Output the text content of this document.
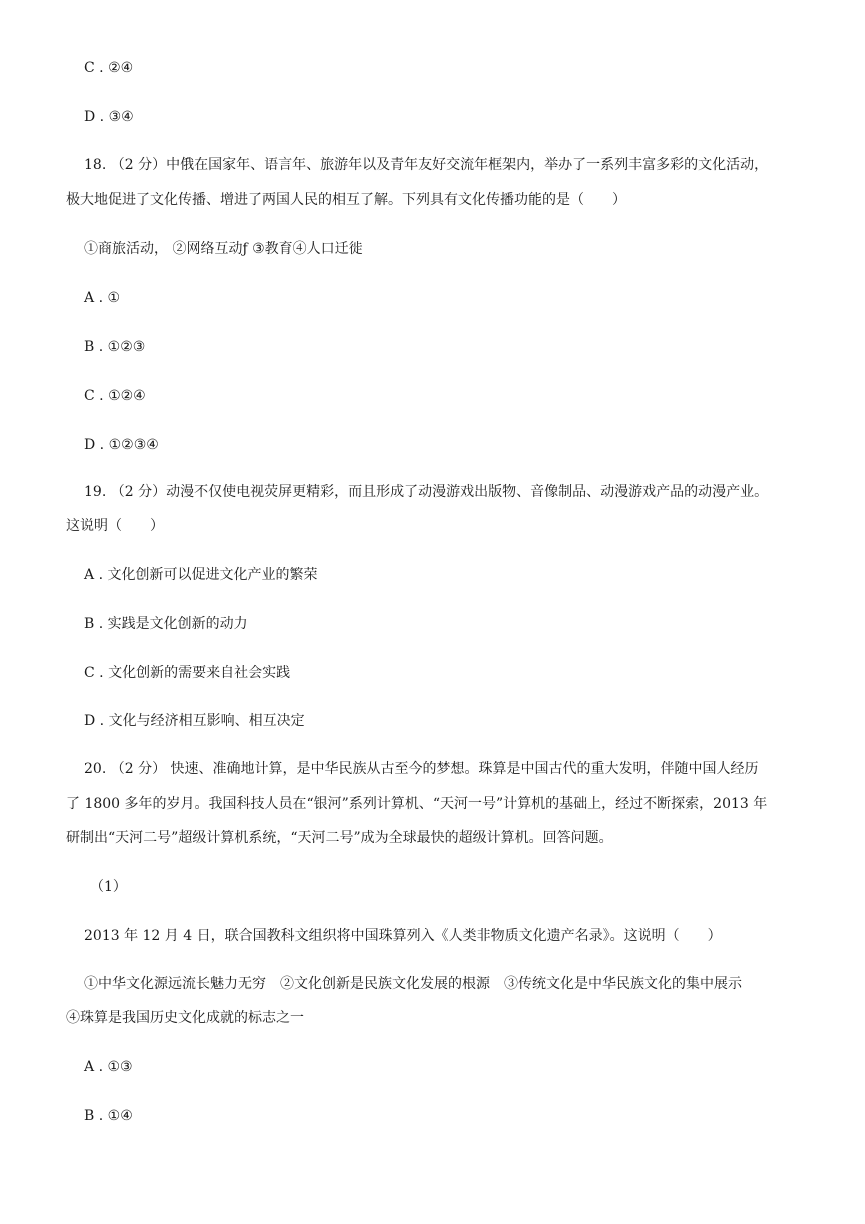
C . ②④
D . ③④
18. （2 分）中俄在国家年、语言年、旅游年以及青年友好交流年框架内，举办了一系列丰富多彩的文化活动，
极大地促进了文化传播、增进了两国人民的相互了解。下列具有文化传播功能的是（　　）
①商旅活动， ②网络互动ƒ ③教育④人口迁徙
A . ①
B . ①②③
C . ①②④
D . ①②③④
19. （2 分）动漫不仅使电视荧屏更精彩，而且形成了动漫游戏出版物、音像制品、动漫游戏产品的动漫产业。
这说明（　　）
A . 文化创新可以促进文化产业的繁荣
B . 实践是文化创新的动力
C . 文化创新的需要来自社会实践
D . 文化与经济相互影响、相互决定
20. （2 分） 快速、准确地计算，是中华民族从古至今的梦想。珠算是中国古代的重大发明，伴随中国人经历
了 1800 多年的岁月。我国科技人员在“银河”系列计算机、“天河一号”计算机的基础上，经过不断探索，2013 年
研制出“天河二号”超级计算机系统，“天河二号”成为全球最快的超级计算机。回答问题。
（1）
2013 年 12 月 4 日，联合国教科文组织将中国珠算列入《人类非物质文化遗产名录》。这说明（　　）
①中华文化源远流长魅力无穷　②文化创新是民族文化发展的根源　③传统文化是中华民族文化的集中展示
④珠算是我国历史文化成就的标志之一
A . ①③
B . ①④
